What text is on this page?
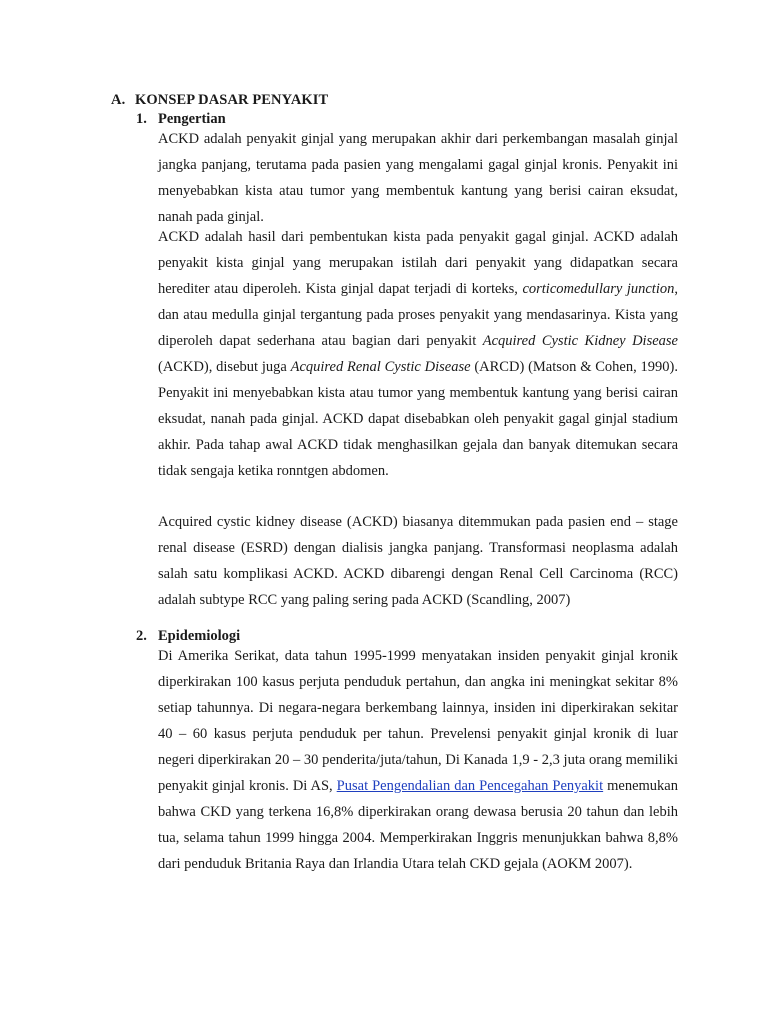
A. KONSEP DASAR PENYAKIT
1. Pengertian
ACKD adalah penyakit ginjal yang merupakan akhir dari perkembangan masalah ginjal jangka panjang, terutama pada pasien yang mengalami gagal ginjal kronis. Penyakit ini menyebabkan kista atau tumor yang membentuk kantung yang berisi cairan eksudat, nanah pada ginjal.
ACKD adalah hasil dari pembentukan kista pada penyakit gagal ginjal. ACKD adalah penyakit kista ginjal yang merupakan istilah dari penyakit yang didapatkan secara herediter atau diperoleh. Kista ginjal dapat terjadi di korteks, corticomedullary junction, dan atau medulla ginjal tergantung pada proses penyakit yang mendasarinya. Kista yang diperoleh dapat sederhana atau bagian dari penyakit Acquired Cystic Kidney Disease (ACKD), disebut juga Acquired Renal Cystic Disease (ARCD) (Matson & Cohen, 1990). Penyakit ini menyebabkan kista atau tumor yang membentuk kantung yang berisi cairan eksudat, nanah pada ginjal. ACKD dapat disebabkan oleh penyakit gagal ginjal stadium akhir. Pada tahap awal ACKD tidak menghasilkan gejala dan banyak ditemukan secara tidak sengaja ketika ronntgen abdomen.
Acquired cystic kidney disease (ACKD) biasanya ditemmukan pada pasien end – stage renal disease (ESRD) dengan dialisis jangka panjang. Transformasi neoplasma adalah salah satu komplikasi ACKD. ACKD dibarengi dengan Renal Cell Carcinoma (RCC) adalah subtype RCC yang paling sering pada ACKD (Scandling, 2007)
2. Epidemiologi
Di Amerika Serikat, data tahun 1995-1999 menyatakan insiden penyakit ginjal kronik diperkirakan 100 kasus perjuta penduduk pertahun, dan angka ini meningkat sekitar 8% setiap tahunnya. Di negara-negara berkembang lainnya, insiden ini diperkirakan sekitar 40 – 60 kasus perjuta penduduk per tahun. Prevelensi penyakit ginjal kronik di luar negeri diperkirakan 20 – 30 penderita/juta/tahun, Di Kanada 1,9 - 2,3 juta orang memiliki penyakit ginjal kronis. Di AS, Pusat Pengendalian dan Pencegahan Penyakit menemukan bahwa CKD yang terkena 16,8% diperkirakan orang dewasa berusia 20 tahun dan lebih tua, selama tahun 1999 hingga 2004. Memperkirakan Inggris menunjukkan bahwa 8,8% dari penduduk Britania Raya dan Irlandia Utara telah CKD gejala (AOKM 2007).
